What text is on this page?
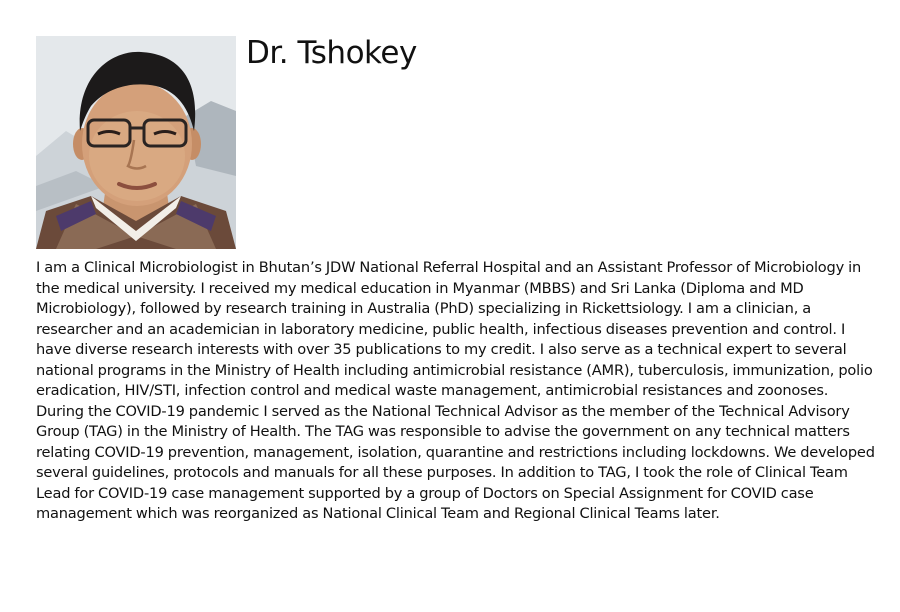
Dr. Tshokey

I am a Clinical Microbiologist in Bhutan’s JDW National Referral Hospital and an Assistant Professor of Microbiology in the medical university. I received my medical education in Myanmar (MBBS) and Sri Lanka (Diploma and MD Microbiology), followed by research training in Australia (PhD) specializing in Rickettsiology. I am a clinician, a researcher and an academician in laboratory medicine, public health, infectious diseases prevention and control. I have diverse research interests with over 35 publications to my credit. I also serve as a technical expert to several national programs in the Ministry of Health including antimicrobial resistance (AMR), tuberculosis, immunization, polio eradication, HIV/STI, infection control and medical waste management, antimicrobial resistances and zoonoses. During the COVID-19 pandemic I served as the National Technical Advisor as the member of the Technical Advisory Group (TAG) in the Ministry of Health. The TAG was responsible to advise the government on any technical matters relating COVID-19 prevention, management, isolation, quarantine and restrictions including lockdowns. We developed several guidelines, protocols and manuals for all these purposes. In addition to TAG, I took the role of Clinical Team Lead for COVID-19 case management supported by a group of Doctors on Special Assignment for COVID case management which was reorganized as National Clinical Team and Regional Clinical Teams later.
